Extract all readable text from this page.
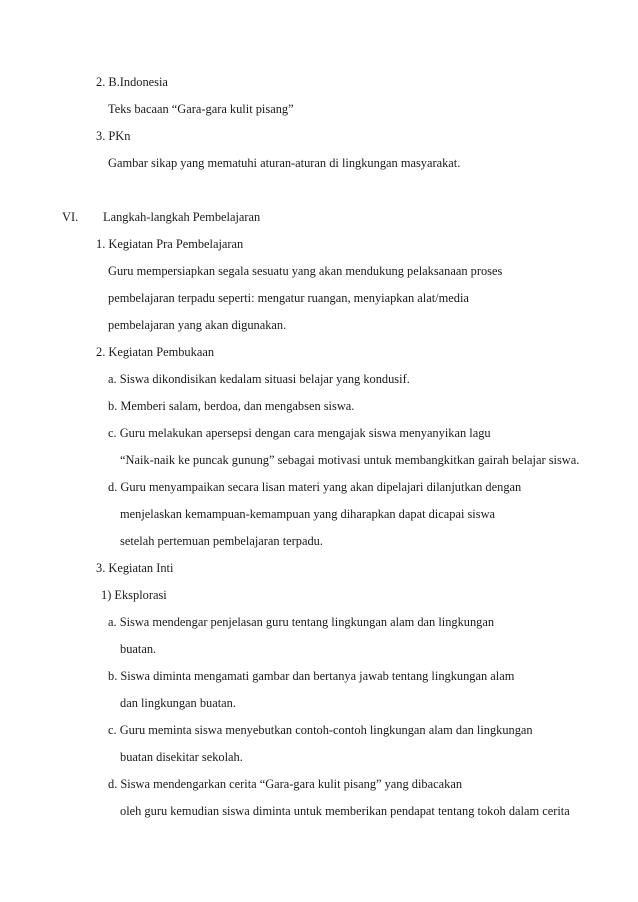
2. B.Indonesia
Teks bacaan “Gara-gara kulit pisang”
3. PKn
Gambar sikap yang mematuhi aturan-aturan di lingkungan masyarakat.
VI. Langkah-langkah Pembelajaran
1. Kegiatan Pra Pembelajaran
Guru mempersiapkan segala sesuatu yang akan mendukung pelaksanaan proses
pembelajaran terpadu seperti: mengatur ruangan, menyiapkan alat/media
pembelajaran yang akan digunakan.
2. Kegiatan Pembukaan
a. Siswa dikondisikan kedalam situasi belajar yang kondusif.
b. Memberi salam, berdoa, dan mengabsen siswa.
c. Guru melakukan apersepsi dengan cara mengajak siswa menyanyikan lagu
“Naik-naik ke puncak gunung” sebagai motivasi untuk membangkitkan gairah belajar siswa.
d. Guru menyampaikan secara lisan materi yang akan dipelajari dilanjutkan dengan
menjelaskan kemampuan-kemampuan yang diharapkan dapat dicapai siswa
setelah pertemuan pembelajaran terpadu.
3. Kegiatan Inti
1) Eksplorasi
a. Siswa mendengar penjelasan guru tentang lingkungan alam dan lingkungan
buatan.
b. Siswa diminta mengamati gambar dan bertanya jawab tentang lingkungan alam
dan lingkungan buatan.
c. Guru meminta siswa menyebutkan contoh-contoh lingkungan alam dan lingkungan
buatan disekitar sekolah.
d. Siswa mendengarkan cerita “Gara-gara kulit pisang” yang dibacakan
oleh guru kemudian siswa diminta untuk memberikan pendapat tentang tokoh dalam cerita
